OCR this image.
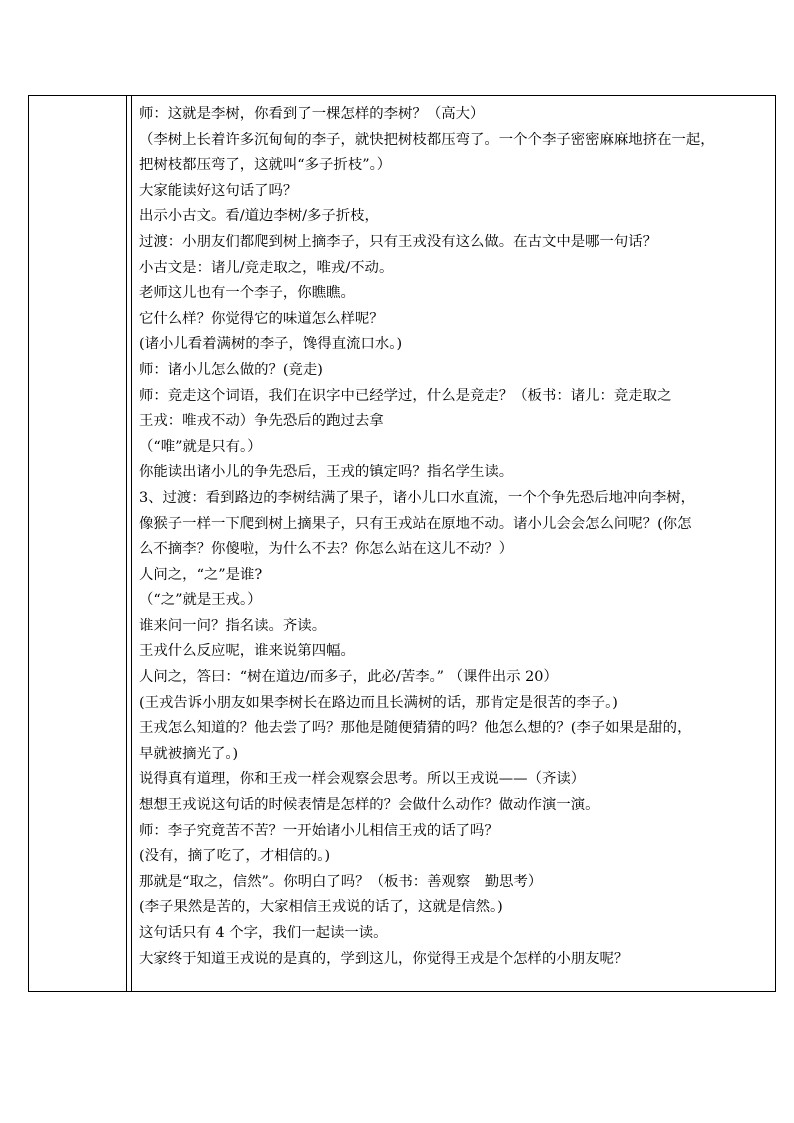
师：这就是李树，你看到了一棵怎样的李树？（高大）
（李树上长着许多沉甸甸的李子，就快把树枝都压弯了。一个个李子密密麻麻地挤在一起，
把树枝都压弯了，这就叫“多子折枝”。）
大家能读好这句话了吗？
出示小古文。看/道边李树/多子折枝，
过渡：小朋友们都爬到树上摘李子，只有王戎没有这么做。在古文中是哪一句话？
小古文是：诸儿/竞走取之，唯戎/不动。
老师这儿也有一个李子，你瞧瞧。
它什么样？你觉得它的味道怎么样呢？
(诸小儿看着满树的李子，馋得直流口水。)
师：诸小儿怎么做的？(竞走)
师：竞走这个词语，我们在识字中已经学过，什么是竞走？（板书：诸儿：竞走取之
王戎：唯戎不动）争先恐后的跑过去拿
（“唯”就是只有。）
你能读出诸小儿的争先恐后，王戎的镇定吗？指名学生读。
3、过渡：看到路边的李树结满了果子，诸小儿口水直流，一个个争先恐后地冲向李树，
像猴子一样一下爬到树上摘果子，只有王戎站在原地不动。诸小儿会会怎么问呢？(你怎
么不摘李？你傻啦，为什么不去？你怎么站在这儿不动？）
人问之，“之”是谁?
（“之”就是王戎。）
谁来问一问？指名读。齐读。
王戎什么反应呢，谁来说第四幅。
人问之，答曰：“树在道边/而多子，此必/苦李。” （课件出示 20）
(王戎告诉小朋友如果李树长在路边而且长满树的话，那肯定是很苦的李子。)
王戎怎么知道的？他去尝了吗？那他是随便猜猜的吗？他怎么想的？(李子如果是甜的，
早就被摘光了。)
说得真有道理，你和王戎一样会观察会思考。所以王戎说——（齐读）
想想王戎说这句话的时候表情是怎样的？会做什么动作？做动作演一演。
师：李子究竟苦不苦？一开始诸小儿相信王戎的话了吗？
(没有，摘了吃了，才相信的。)
那就是“取之，信然”。你明白了吗？（板书：善观察　勤思考）
(李子果然是苦的，大家相信王戎说的话了，这就是信然。)
这句话只有 4 个字，我们一起读一读。
大家终于知道王戎说的是真的，学到这儿，你觉得王戎是个怎样的小朋友呢？
